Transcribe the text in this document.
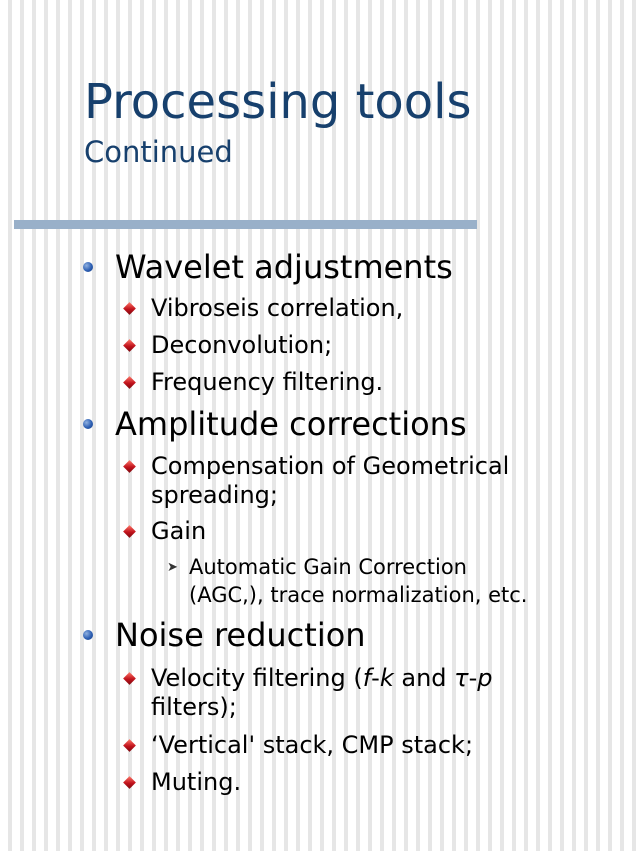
Processing tools
Continued
Wavelet adjustments
Vibroseis correlation,
Deconvolution;
Frequency filtering.
Amplitude corrections
Compensation of Geometrical
spreading;
Gain
➤ Automatic Gain Correction
(AGC,), trace normalization, etc.
Noise reduction
Velocity filtering (f-k and τ-p
filters);
‘Vertical' stack, CMP stack;
Muting.
